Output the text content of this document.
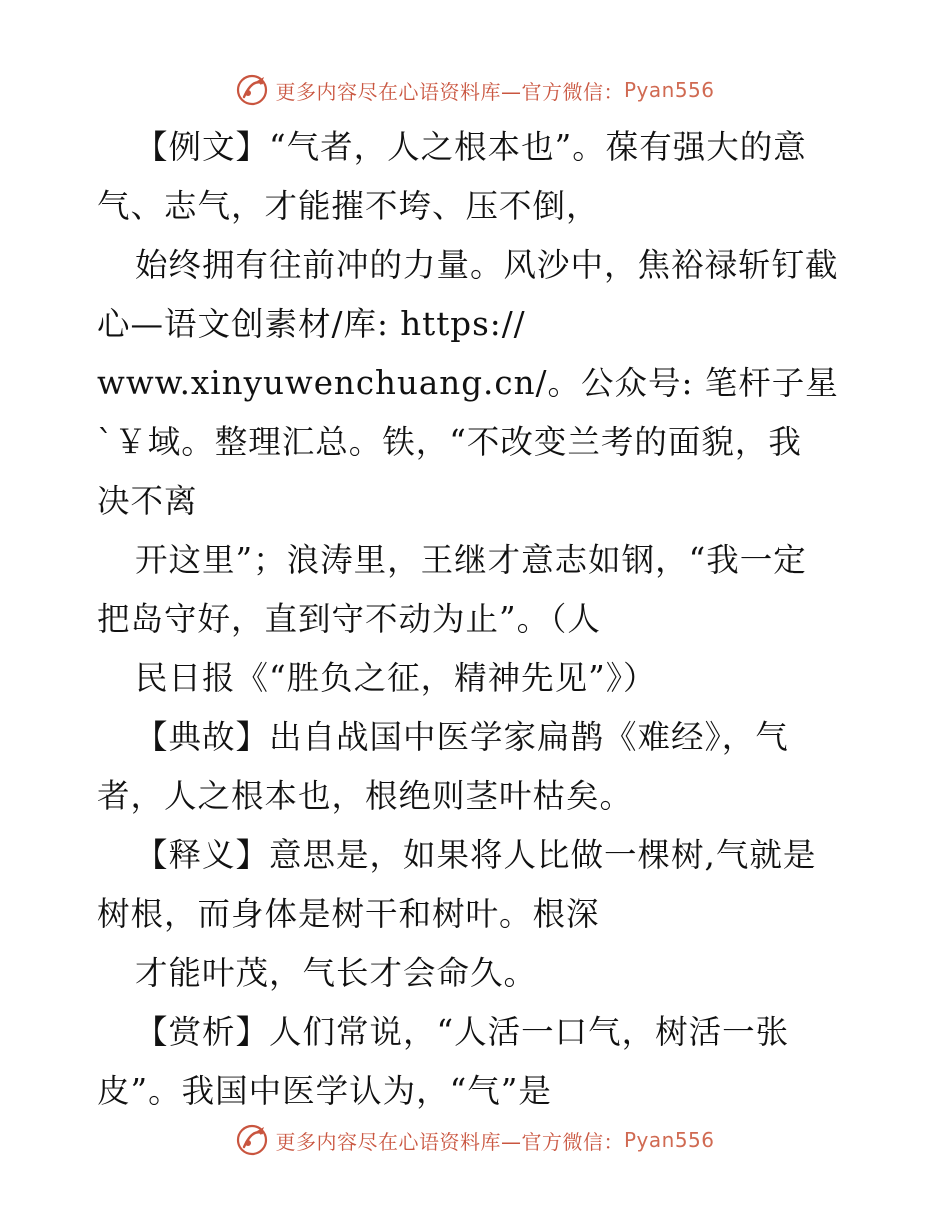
更多内容尽在心语资料库—官方微信： Pyan556
【例文】“气者，人之根本也”。葆有强大的意
气、志气，才能摧不垮、压不倒，
始终拥有往前冲的力量。风沙中，焦裕禄斩钉截
心—语文创素材/库: https://
www.xinyuwenchuang.cn/。公众号: 笔杆子星
`￥域。整理汇总。铁，“不改变兰考的面貌，我
决不离
开这里”；浪涛里，王继才意志如钢，“我一定
把岛守好，直到守不动为止”。（人
民日报《“胜负之征，精神先见”》）
【典故】出自战国中医学家扁鹊《难经》，气
者，人之根本也，根绝则茎叶枯矣。
【释义】意思是，如果将人比做一棵树,气就是
树根，而身体是树干和树叶。根深
才能叶茂，气长才会命久。
【赏析】人们常说，“人活一口气，树活一张
皮”。我国中医学认为，“气”是
更多内容尽在心语资料库—官方微信： Pyan556
